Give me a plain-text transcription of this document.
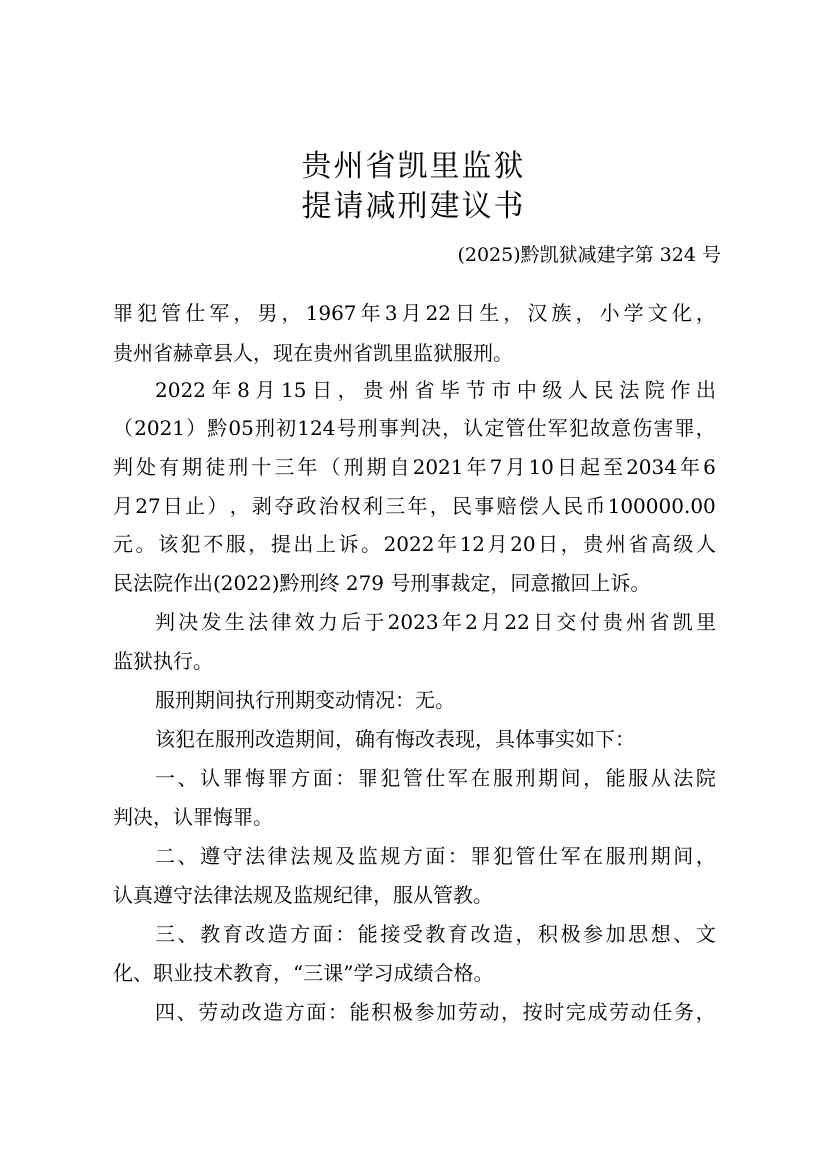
贵州省凯里监狱
提请减刑建议书
(2025)黔凯狱减建字第 324 号
罪 犯 管 仕 军 ， 男 ， 1967 年 3 月 22 日 生 ， 汉 族 ， 小 学 文 化 ，
贵州省赫章县人，现在贵州省凯里监狱服刑。
2022 年 8 月 15 日 ， 贵 州 省 毕 节 市 中 级 人 民 法 院 作 出
（ 2021 ） 黔 05 刑 初 124 号 刑 事 判 决 ， 认 定 管 仕 军 犯 故 意 伤 害 罪 ，
判 处 有 期 徒 刑 十 三 年 （ 刑 期 自 2021 年 7 月 10 日 起 至 2034 年 6
月 27 日 止 ） ， 剥 夺 政 治 权 利 三 年 ， 民 事 赔 偿 人 民 币 100000.00
元 。 该 犯 不 服 ， 提 出 上 诉 。 2022 年 12 月 20 日 ， 贵 州 省 高 级 人
民法院作出(2022)黔刑终 279 号刑事裁定，同意撤回上诉。
判 决 发 生 法 律 效 力 后 于 2023 年 2 月 22 日 交 付 贵 州 省 凯 里
监狱执行。
服刑期间执行刑期变动情况：无。
该犯在服刑改造期间，确有悔改表现，具体事实如下：
一 、 认 罪 悔 罪 方 面 ： 罪 犯 管 仕 军 在 服 刑 期 间 ， 能 服 从 法 院
判决，认罪悔罪。
二 、 遵 守 法 律 法 规 及 监 规 方 面 ： 罪 犯 管 仕 军 在 服 刑 期 间 ，
认真遵守法律法规及监规纪律，服从管教。
三 、 教 育 改 造 方 面 ： 能 接 受 教 育 改 造 ， 积 极 参 加 思 想 、 文
化、职业技术教育，“三课”学习成绩合格。
四 、 劳 动 改 造 方 面 ： 能 积 极 参 加 劳 动 ， 按 时 完 成 劳 动 任 务 ，
